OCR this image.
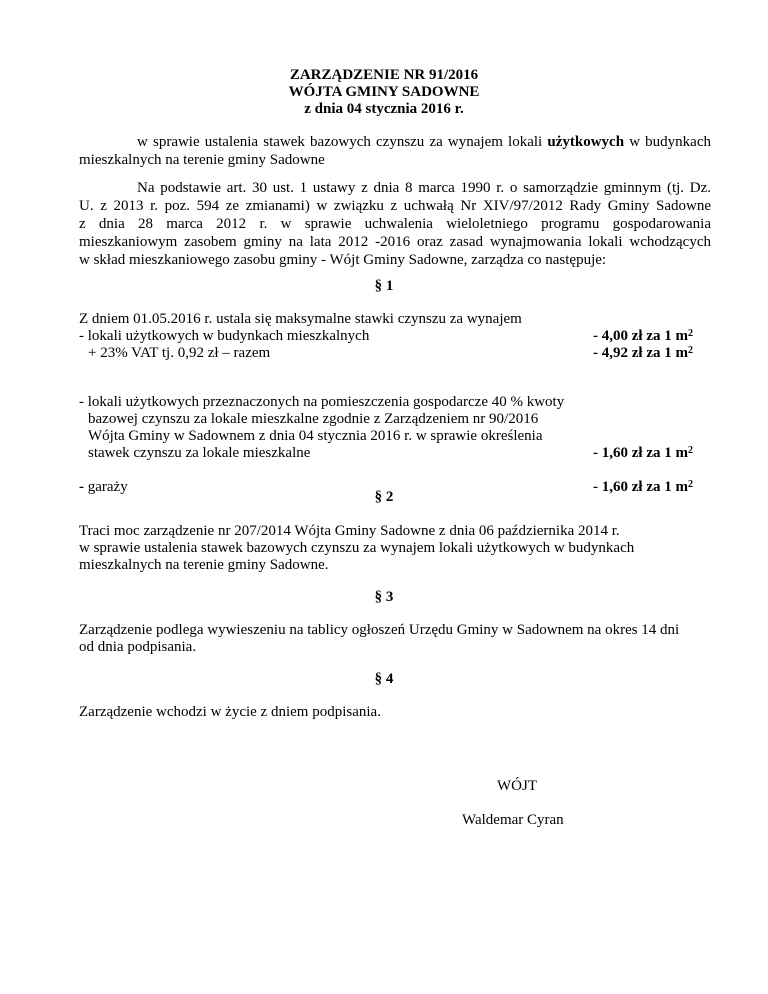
ZARZĄDZENIE NR 91/2016
WÓJTA GMINY SADOWNE
z dnia 04 stycznia 2016 r.
w sprawie ustalenia stawek bazowych czynszu za wynajem lokali użytkowych w budynkach
mieszkalnych na terenie gminy Sadowne
Na podstawie art. 30 ust. 1 ustawy z dnia 8 marca 1990 r. o samorządzie gminnym (tj. Dz.
U. z 2013 r. poz. 594 ze zmianami) w związku z uchwałą Nr XIV/97/2012 Rady Gminy Sadowne
z dnia 28 marca 2012 r. w sprawie uchwalenia wieloletniego programu gospodarowania
mieszkaniowym zasobem gminy na lata 2012 -2016 oraz zasad wynajmowania lokali wchodzących
w skład mieszkaniowego zasobu gminy - Wójt Gminy Sadowne, zarządza co następuje:
§ 1
Z dniem 01.05.2016 r. ustala się maksymalne stawki czynszu za wynajem
- lokali użytkowych w budynkach mieszkalnych	- 4,00 zł za 1 $m^2$
+ 23% VAT tj. 0,92 zł – razem	- 4,92 zł za 1 $m^2$
- lokali użytkowych przeznaczonych na pomieszczenia gospodarcze 40 % kwoty
bazowej czynszu za lokale mieszkalne zgodnie z Zarządzeniem nr 90/2016
Wójta Gminy w Sadownem z dnia 04 stycznia 2016 r. w sprawie określenia
stawek czynszu za lokale mieszkalne	- 1,60 zł za 1 $m^2$
- garaży	- 1,60 zł za 1 $m^2$
§ 2
Traci moc zarządzenie nr 207/2014 Wójta Gminy Sadowne z dnia 06 października 2014 r.
w sprawie ustalenia stawek bazowych czynszu za wynajem lokali użytkowych w budynkach
mieszkalnych na terenie gminy Sadowne.
§ 3
Zarządzenie podlega wywieszeniu na tablicy ogłoszeń Urzędu Gminy w Sadownem na okres 14 dni
od dnia podpisania.
§ 4
Zarządzenie wchodzi w życie z dniem podpisania.
WÓJT
Waldemar Cyran
